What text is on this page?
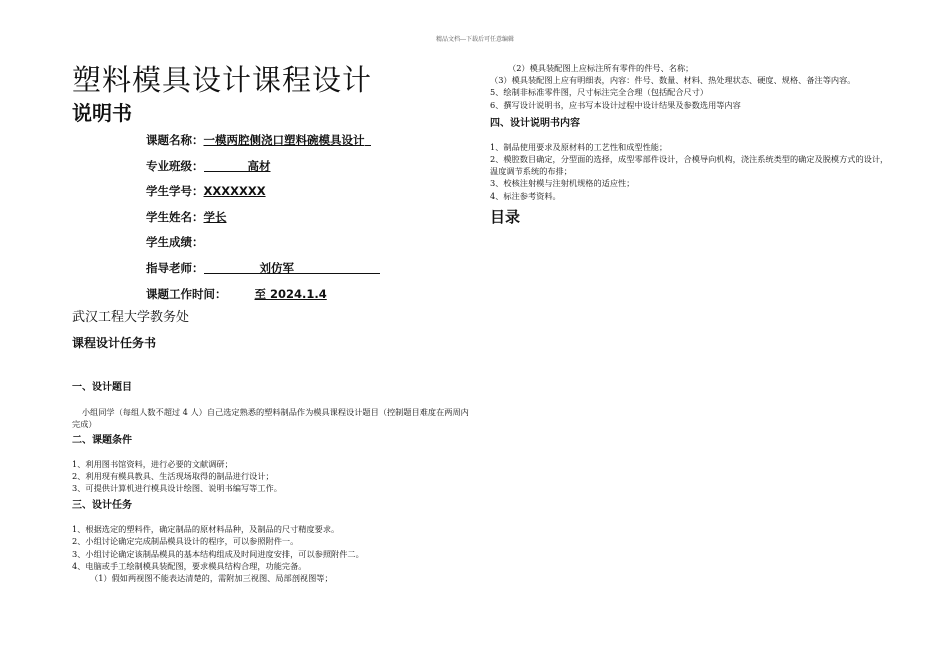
精品文档---下载后可任意编辑
塑料模具设计课程设计
说明书
课题名称：一模两腔侧浇口塑料碗模具设计
专业班级：	高材
学生学号：XXXXXXX
学生姓名：学长
学生成绩：
指导老师：	刘仿军
课题工作时间： 至 2024.1.4
武汉工程大学教务处
课程设计任务书
一、设计题目
小组同学（每组人数不超过 4 人）自己选定熟悉的塑料制品作为模具课程设计题目（控制题目难度在两周内完成）
二、课题条件
1、利用图书馆资料，进行必要的文献调研；
2、利用现有模具教具、生活现场取得的制品进行设计；
3、可提供计算机进行模具设计绘图、说明书编写等工作。
三、设计任务
1、根据选定的塑料件，确定制品的原材料品种，及制品的尺寸精度要求。
2、小组讨论确定完成制品模具设计的程序，可以参照附件一。
3、小组讨论确定该制品模具的基本结构组成及时间进度安排，可以参照附件二。
4、电脑或手工绘制模具装配图，要求模具结构合理，功能完备。
（1）假如两视图不能表达清楚的，需附加三视图、局部剖视图等；
（2）模具装配图上应标注所有零件的件号、名称；
（3）模具装配图上应有明细表，内容：件号、数量、材料、热处理状态、硬度、规格、备注等内容。
5、绘制非标准零件图，尺寸标注完全合理（包括配合尺寸）
6、撰写设计说明书，应书写本设计过程中设计结果及参数选用等内容
四、设计说明书内容
1、制品使用要求及原材料的工艺性和成型性能；
2、模腔数目确定，分型面的选择，成型零部件设计，合模导向机构，浇注系统类型的确定及脱模方式的设计，温度调节系统的布排；
3、校核注射模与注射机规格的适应性；
4、标注参考资料。
目录
